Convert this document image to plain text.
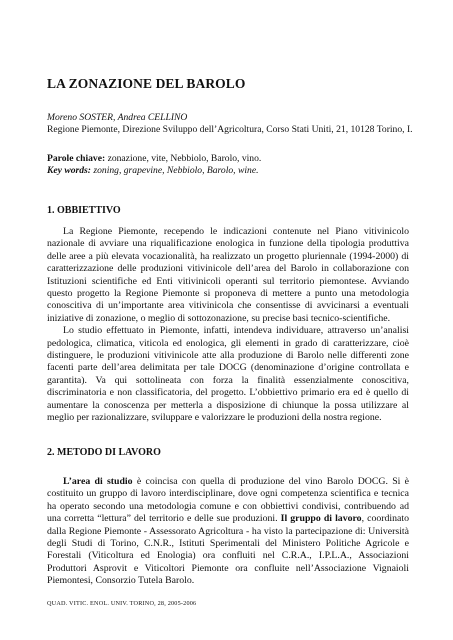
LA ZONAZIONE DEL BAROLO
Moreno SOSTER, Andrea CELLINO
Regione Piemonte, Direzione Sviluppo dell’Agricoltura, Corso Stati Uniti, 21, 10128 Torino, I.
Parole chiave: zonazione, vite, Nebbiolo, Barolo, vino.
Key words: zoning, grapevine, Nebbiolo, Barolo, wine.
1. OBBIETTIVO

La Regione Piemonte, recependo le indicazioni contenute nel Piano vitivinicolo nazionale di avviare una riqualificazione enologica in funzione della tipologia produttiva delle aree a più elevata vocazionalità, ha realizzato un progetto pluriennale (1994-2000) di caratterizzazione delle produzioni vitivinicole dell’area del Barolo in collaborazione con Istituzioni scientifiche ed Enti vitivinicoli operanti sul territorio piemontese. Avviando questo progetto la Regione Piemonte si proponeva di mettere a punto una metodologia conoscitiva di un’importante area vitivinicola che consentisse di avvicinarsi a eventuali iniziative di zonazione, o meglio di sottozonazione, su precise basi tecnico-scientifiche.

Lo studio effettuato in Piemonte, infatti, intendeva individuare, attraverso un’analisi pedologica, climatica, viticola ed enologica, gli elementi in grado di caratterizzare, cioè distinguere, le produzioni vitivinicole atte alla produzione di Barolo nelle differenti zone facenti parte dell’area delimitata per tale DOCG (denominazione d’origine controllata e garantita). Va qui sottolineata con forza la finalità essenzialmente conoscitiva, discriminatoria e non classificatoria, del progetto. L’obbiettivo primario era ed è quello di aumentare la conoscenza per metterla a disposizione di chiunque la possa utilizzare al meglio per razionalizzare, sviluppare e valorizzare le produzioni della nostra regione.

2. METODO DI LAVORO

L’area di studio è coincisa con quella di produzione del vino Barolo DOCG. Si è costituito un gruppo di lavoro interdisciplinare, dove ogni competenza scientifica e tecnica ha operato secondo una metodologia comune e con obbiettivi condivisi, contribuendo ad una corretta “lettura” del territorio e delle sue produzioni. Il gruppo di lavoro, coordinato dalla Regione Piemonte - Assessorato Agricoltura - ha visto la partecipazione di: Università degli Studi di Torino, C.N.R., Istituti Sperimentali del Ministero Politiche Agricole e Forestali (Viticoltura ed Enologia) ora confluiti nel C.R.A., I.P.L.A., Associazioni Produttori Asprovit e Viticoltori Piemonte ora confluite nell’Associazione Vignaioli Piemontesi, Consorzio Tutela Barolo.

QUAD. VITIC. ENOL. UNIV. TORINO, 28, 2005-2006
